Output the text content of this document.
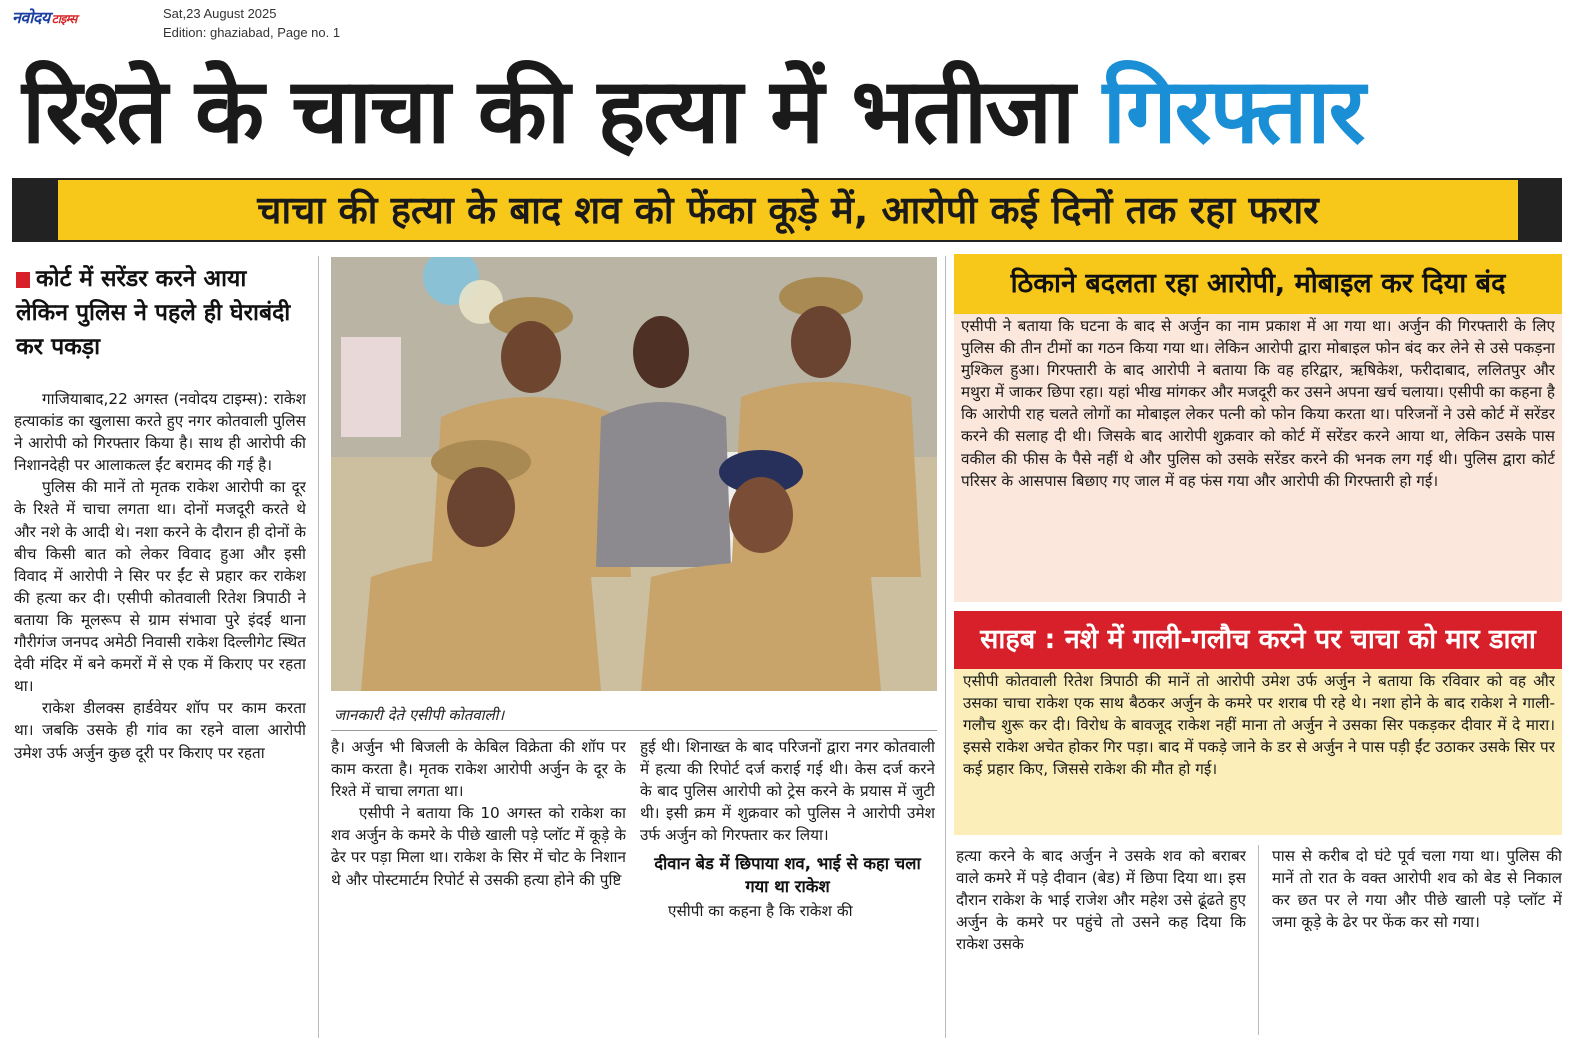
नवोदय टाइम्स	Sat,23 August 2025
Edition: ghaziabad, Page no. 1
रिश्ते के चाचा की हत्या में भतीजा गिरफ्तार
चाचा की हत्या के बाद शव को फेंका कूड़े में, आरोपी कई दिनों तक रहा फरार
कोर्ट में सरेंडर करने आया लेकिन पुलिस ने पहले ही घेराबंदी कर पकड़ा

गाजियाबाद,22 अगस्त (नवोदय टाइम्स): राकेश हत्याकांड का खुलासा करते हुए नगर कोतवाली पुलिस ने आरोपी को गिरफ्तार किया है। साथ ही आरोपी की निशानदेही पर आलाकत्ल ईंट बरामद की गई है।

पुलिस की मानें तो मृतक राकेश आरोपी का दूर के रिश्ते में चाचा लगता था। दोनों मजदूरी करते थे और नशे के आदी थे। नशा करने के दौरान ही दोनों के बीच किसी बात को लेकर विवाद हुआ और इसी विवाद में आरोपी ने सिर पर ईंट से प्रहार कर राकेश की हत्या कर दी। एसीपी कोतवाली रितेश त्रिपाठी ने बताया कि मूलरूप से ग्राम संभावा पुरे इंदई थाना गौरीगंज जनपद अमेठी निवासी राकेश दिल्लीगेट स्थित देवी मंदिर में बने कमरों में से एक में किराए पर रहता था।

राकेश डीलक्स हार्डवेयर शॉप पर काम करता था। जबकि उसके ही गांव का रहने वाला आरोपी उमेश उर्फ अर्जुन कुछ दूरी पर किराए पर रहता

जानकारी देते एसीपी कोतवाली।

है। अर्जुन भी बिजली के केबिल विक्रेता की शॉप पर काम करता है। मृतक राकेश आरोपी अर्जुन के दूर के रिश्ते में चाचा लगता था।

एसीपी ने बताया कि 10 अगस्त को राकेश का शव अर्जुन के कमरे के पीछे खाली पड़े प्लॉट में कूड़े के ढेर पर पड़ा मिला था। राकेश के सिर में चोट के निशान थे और पोस्टमार्टम रिपोर्ट से उसकी हत्या होने की पुष्टि

हुई थी। शिनाख्त के बाद परिजनों द्वारा नगर कोतवाली में हत्या की रिपोर्ट दर्ज कराई गई थी। केस दर्ज करने के बाद पुलिस आरोपी को ट्रेस करने के प्रयास में जुटी थी। इसी क्रम में शुक्रवार को पुलिस ने आरोपी उमेश उर्फ अर्जुन को गिरफ्तार कर लिया।

दीवान बेड में छिपाया शव, भाई से कहा चला गया था राकेश

एसीपी का कहना है कि राकेश की

ठिकाने बदलता रहा आरोपी, मोबाइल कर दिया बंद

एसीपी ने बताया कि घटना के बाद से अर्जुन का नाम प्रकाश में आ गया था। अर्जुन की गिरफ्तारी के लिए पुलिस की तीन टीमों का गठन किया गया था। लेकिन आरोपी द्वारा मोबाइल फोन बंद कर लेने से उसे पकड़ना मुश्किल हुआ। गिरफ्तारी के बाद आरोपी ने बताया कि वह हरिद्वार, ऋषिकेश, फरीदाबाद, ललितपुर और मथुरा में जाकर छिपा रहा। यहां भीख मांगकर और मजदूरी कर उसने अपना खर्च चलाया। एसीपी का कहना है कि आरोपी राह चलते लोगों का मोबाइल लेकर पत्नी को फोन किया करता था। परिजनों ने उसे कोर्ट में सरेंडर करने की सलाह दी थी। जिसके बाद आरोपी शुक्रवार को कोर्ट में सरेंडर करने आया था, लेकिन उसके पास वकील की फीस के पैसे नहीं थे और पुलिस को उसके सरेंडर करने की भनक लग गई थी। पुलिस द्वारा कोर्ट परिसर के आसपास बिछाए गए जाल में वह फंस गया और आरोपी की गिरफ्तारी हो गई।

साहब : नशे में गाली-गलौच करने पर चाचा को मार डाला

एसीपी कोतवाली रितेश त्रिपाठी की मानें तो आरोपी उमेश उर्फ अर्जुन ने बताया कि रविवार को वह और उसका चाचा राकेश एक साथ बैठकर अर्जुन के कमरे पर शराब पी रहे थे। नशा होने के बाद राकेश ने गाली-गलौच शुरू कर दी। विरोध के बावजूद राकेश नहीं माना तो अर्जुन ने उसका सिर पकड़कर दीवार में दे मारा। इससे राकेश अचेत होकर गिर पड़ा। बाद में पकड़े जाने के डर से अर्जुन ने पास पड़ी ईंट उठाकर उसके सिर पर कई प्रहार किए, जिससे राकेश की मौत हो गई।

हत्या करने के बाद अर्जुन ने उसके शव को बराबर वाले कमरे में पड़े दीवान (बेड) में छिपा दिया था। इस दौरान राकेश के भाई राजेश और महेश उसे ढूंढते हुए अर्जुन के कमरे पर पहुंचे तो उसने कह दिया कि राकेश उसके

पास से करीब दो घंटे पूर्व चला गया था। पुलिस की मानें तो रात के वक्त आरोपी शव को बेड से निकाल कर छत पर ले गया और पीछे खाली पड़े प्लॉट में जमा कूड़े के ढेर पर फेंक कर सो गया।
